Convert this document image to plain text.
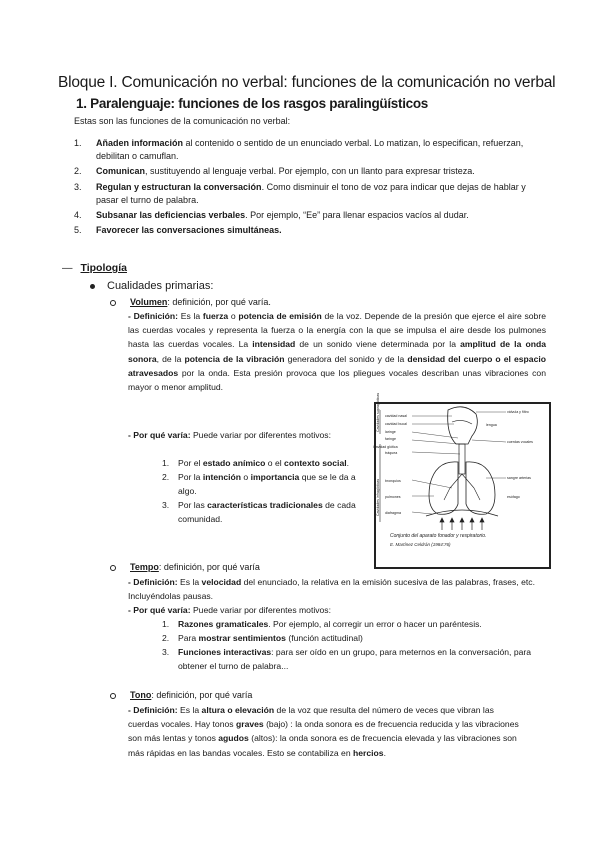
Bloque I. Comunicación no verbal: funciones de la comunicación no verbal
1. Paralenguaje: funciones de los rasgos paralingüísticos
Estas son las funciones de la comunicación no verbal:
1. Añaden información al contenido o sentido de un enunciado verbal. Lo matizan, lo especifican, refuerzan, debilitan o camuflan.
2. Comunican, sustituyendo al lenguaje verbal. Por ejemplo, con un llanto para expresar tristeza.
3. Regulan y estructuran la conversación. Como disminuir el tono de voz para indicar que dejas de hablar y pasar el turno de palabra.
4. Subsanar las deficiencias verbales. Por ejemplo, “Ee” para llenar espacios vacíos al dudar.
5. Favorecer las conversaciones simultáneas.
— Tipología
Cualidades primarias:
Volumen: definición, por qué varía.
- Definición: Es la fuerza o potencia de emisión de la voz. Depende de la presión que ejerce el aire sobre las cuerdas vocales y representa la fuerza o la energía con la que se impulsa el aire desde los pulmones hasta las cuerdas vocales. La intensidad de un sonido viene determinada por la amplitud de la onda sonora, de la potencia de la vibración generadora del sonido y de la densidad del cuerpo o el espacio atravesados por la onda. Esta presión provoca que los pliegues vocales describan unas vibraciones con mayor o menor amplitud.
- Por qué varía: Puede variar por diferentes motivos:
1. Por el estado anímico o el contexto social.
2. Por la intención o importancia que se le da a algo.
3. Por las características tradicionales de cada comunidad.
Cavidades supraglóticas
Cavidades infraglóticas
cavidad nasal
cavidad bucal
laringe
faringe
Cavidad glótica
tráquea
bronquios
pulmones
diafragma
válvula y filtro
lengua
cuerdas vocales
sangre arterias
esófago
Conjunto del aparato fonador y respiratorio.
E. Martínez Celdrán (1984:76)
Tempo: definición, por qué varía
- Definición: Es la velocidad del enunciado, la relativa en la emisión sucesiva de las palabras, frases, etc. Incluyéndolas pausas.
- Por qué varía: Puede variar por diferentes motivos:
1. Razones gramaticales. Por ejemplo, al corregir un error o hacer un paréntesis.
2. Para mostrar sentimientos (función actitudinal)
3. Funciones interactivas: para ser oído en un grupo, para meternos en la conversación, para obtener el turno de palabra...
Tono: definición, por qué varía
- Definición: Es la altura o elevación de la voz que resulta del número de veces que vibran las cuerdas vocales. Hay tonos graves (bajo) : la onda sonora es de frecuencia reducida y las vibraciones son más lentas y tonos agudos (altos): la onda sonora es de frecuencia elevada y las vibraciones son más rápidas en las bandas vocales. Esto se contabiliza en hercios.
